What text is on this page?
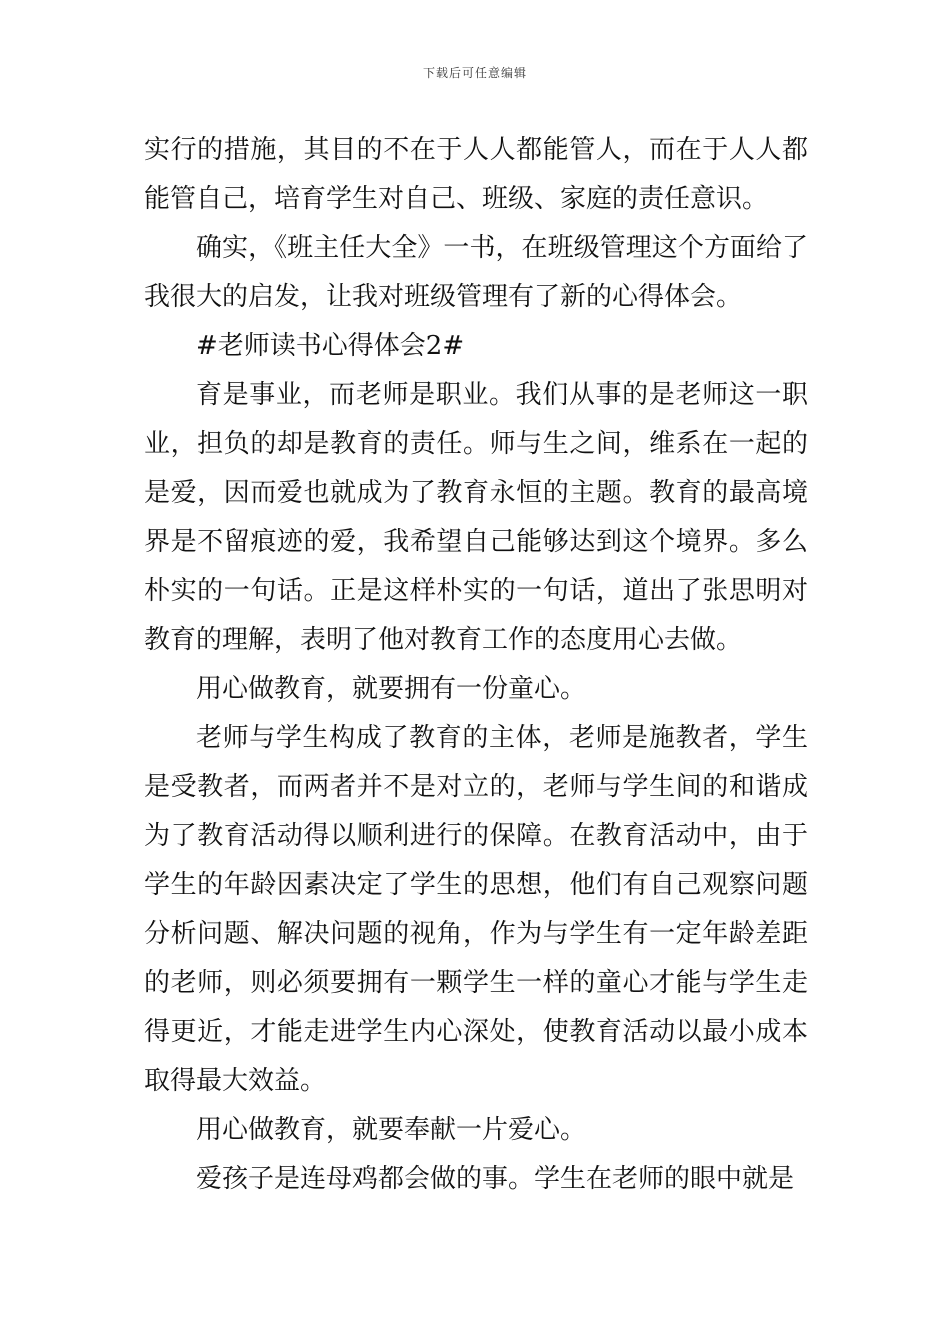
下载后可任意编辑

实行的措施，其目的不在于人人都能管人，而在于人人都能管自己，培育学生对自己、班级、家庭的责任意识。

确实，《班主任大全》一书，在班级管理这个方面给了我很大的启发，让我对班级管理有了新的心得体会。

#老师读书心得体会2#

育是事业，而老师是职业。我们从事的是老师这一职业，担负的却是教育的责任。师与生之间，维系在一起的是爱，因而爱也就成为了教育永恒的主题。教育的最高境界是不留痕迹的爱，我希望自己能够达到这个境界。多么朴实的一句话。正是这样朴实的一句话，道出了张思明对教育的理解，表明了他对教育工作的态度用心去做。

用心做教育，就要拥有一份童心。

老师与学生构成了教育的主体，老师是施教者，学生是受教者，而两者并不是对立的，老师与学生间的和谐成为了教育活动得以顺利进行的保障。在教育活动中，由于学生的年龄因素决定了学生的思想，他们有自己观察问题分析问题、解决问题的视角，作为与学生有一定年龄差距的老师，则必须要拥有一颗学生一样的童心才能与学生走得更近，才能走进学生内心深处，使教育活动以最小成本取得最大效益。

用心做教育，就要奉献一片爱心。

爱孩子是连母鸡都会做的事。学生在老师的眼中就是
